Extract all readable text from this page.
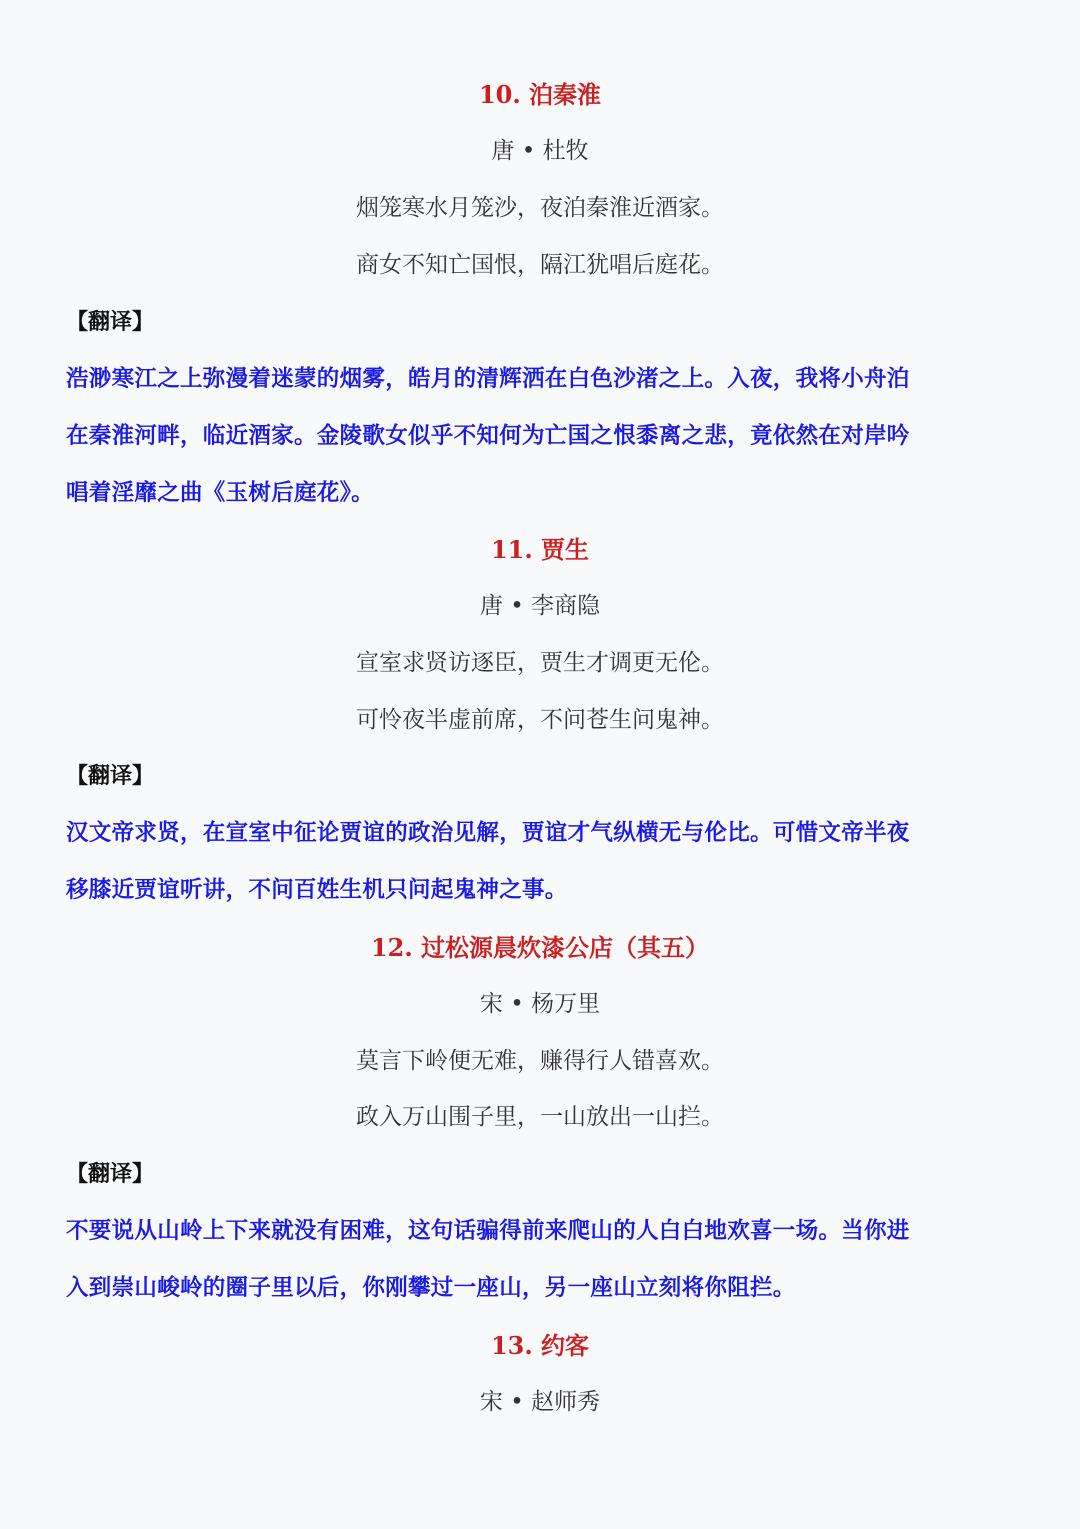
10. 泊秦淮
唐 • 杜牧
烟笼寒水月笼沙，夜泊秦淮近酒家。
商女不知亡国恨，隔江犹唱后庭花。
【翻译】
浩渺寒江之上弥漫着迷蒙的烟雾，皓月的清辉洒在白色沙渚之上。入夜，我将小舟泊
在秦淮河畔，临近酒家。金陵歌女似乎不知何为亡国之恨黍离之悲，竟依然在对岸吟
唱着淫靡之曲《玉树后庭花》。
11. 贾生
唐 • 李商隐
宣室求贤访逐臣，贾生才调更无伦。
可怜夜半虚前席，不问苍生问鬼神。
【翻译】
汉文帝求贤，在宣室中征论贾谊的政治见解，贾谊才气纵横无与伦比。可惜文帝半夜
移膝近贾谊听讲，不问百姓生机只问起鬼神之事。
12. 过松源晨炊漆公店（其五）
宋 • 杨万里
莫言下岭便无难，赚得行人错喜欢。
政入万山围子里，一山放出一山拦。
【翻译】
不要说从山岭上下来就没有困难，这句话骗得前来爬山的人白白地欢喜一场。当你进
入到崇山峻岭的圈子里以后，你刚攀过一座山，另一座山立刻将你阻拦。
13. 约客
宋 • 赵师秀
